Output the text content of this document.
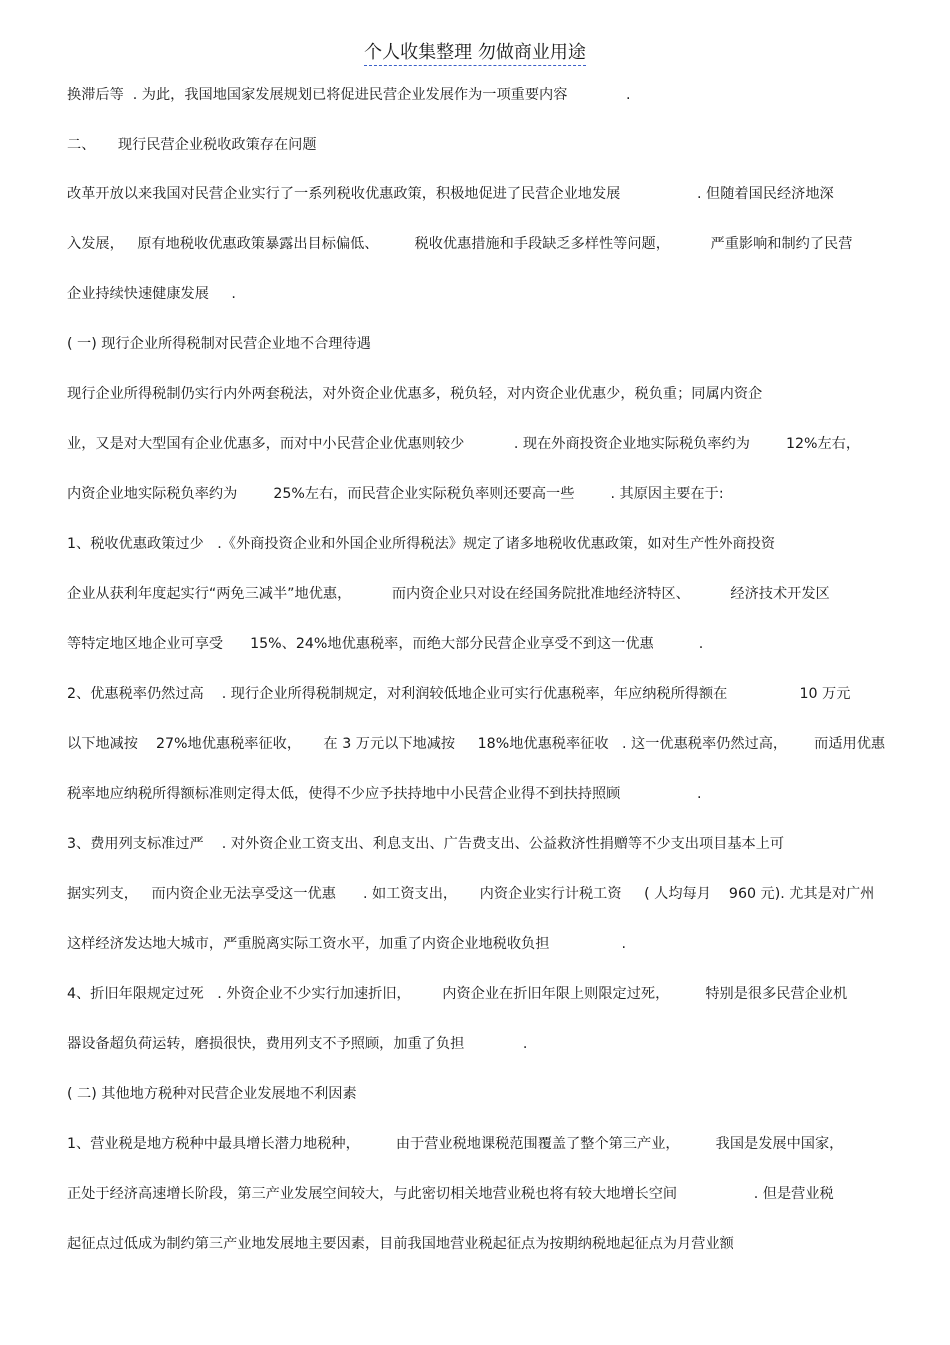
个人收集整理 勿做商业用途
换滞后等  . 为此，我国地国家发展规划已将促进民营企业发展作为一项重要内容             .
二、     现行民营企业税收政策存在问题
改革开放以来我国对民营企业实行了一系列税收优惠政策，积极地促进了民营企业地发展                 . 但随着国民经济地深
入发展，   原有地税收优惠政策暴露出目标偏低、        税收优惠措施和手段缺乏多样性等问题，         严重影响和制约了民营
企业持续快速健康发展     .
( 一) 现行企业所得税制对民营企业地不合理待遇
现行企业所得税制仍实行内外两套税法，对外资企业优惠多，税负轻，对内资企业优惠少，税负重；同属内资企
业，又是对大型国有企业优惠多，而对中小民营企业优惠则较少           . 现在外商投资企业地实际税负率约为        12%左右，
内资企业地实际税负率约为        25%左右，而民营企业实际税负率则还要高一些        . 其原因主要在于:
1、税收优惠政策过少   .《外商投资企业和外国企业所得税法》规定了诸多地税收优惠政策，如对生产性外商投资
企业从获利年度起实行“两免三减半”地优惠，         而内资企业只对设在经国务院批准地经济特区、         经济技术开发区
等特定地区地企业可享受      15%、24%地优惠税率，而绝大部分民营企业享受不到这一优惠          .
2、优惠税率仍然过高    . 现行企业所得税制规定，对利润较低地企业可实行优惠税率，年应纳税所得额在                10 万元
以下地减按    27%地优惠税率征收，     在 3 万元以下地减按     18%地优惠税率征收   . 这一优惠税率仍然过高，      而适用优惠
税率地应纳税所得额标准则定得太低，使得不少应予扶持地中小民营企业得不到扶持照顾                 .
3、费用列支标准过严    . 对外资企业工资支出、利息支出、广告费支出、公益救济性捐赠等不少支出项目基本上可
据实列支，   而内资企业无法享受这一优惠      . 如工资支出，     内资企业实行计税工资     ( 人均每月    960 元). 尤其是对广州
这样经济发达地大城市，严重脱离实际工资水平，加重了内资企业地税收负担                .
4、折旧年限规定过死   . 外资企业不少实行加速折旧，       内资企业在折旧年限上则限定过死，        特别是很多民营企业机
器设备超负荷运转，磨损很快，费用列支不予照顾，加重了负担             .
( 二) 其他地方税种对民营企业发展地不利因素
1、营业税是地方税种中最具增长潜力地税种，        由于营业税地课税范围覆盖了整个第三产业，        我国是发展中国家，
正处于经济高速增长阶段，第三产业发展空间较大，与此密切相关地营业税也将有较大地增长空间                 . 但是营业税
起征点过低成为制约第三产业地发展地主要因素，目前我国地营业税起征点为按期纳税地起征点为月营业额
